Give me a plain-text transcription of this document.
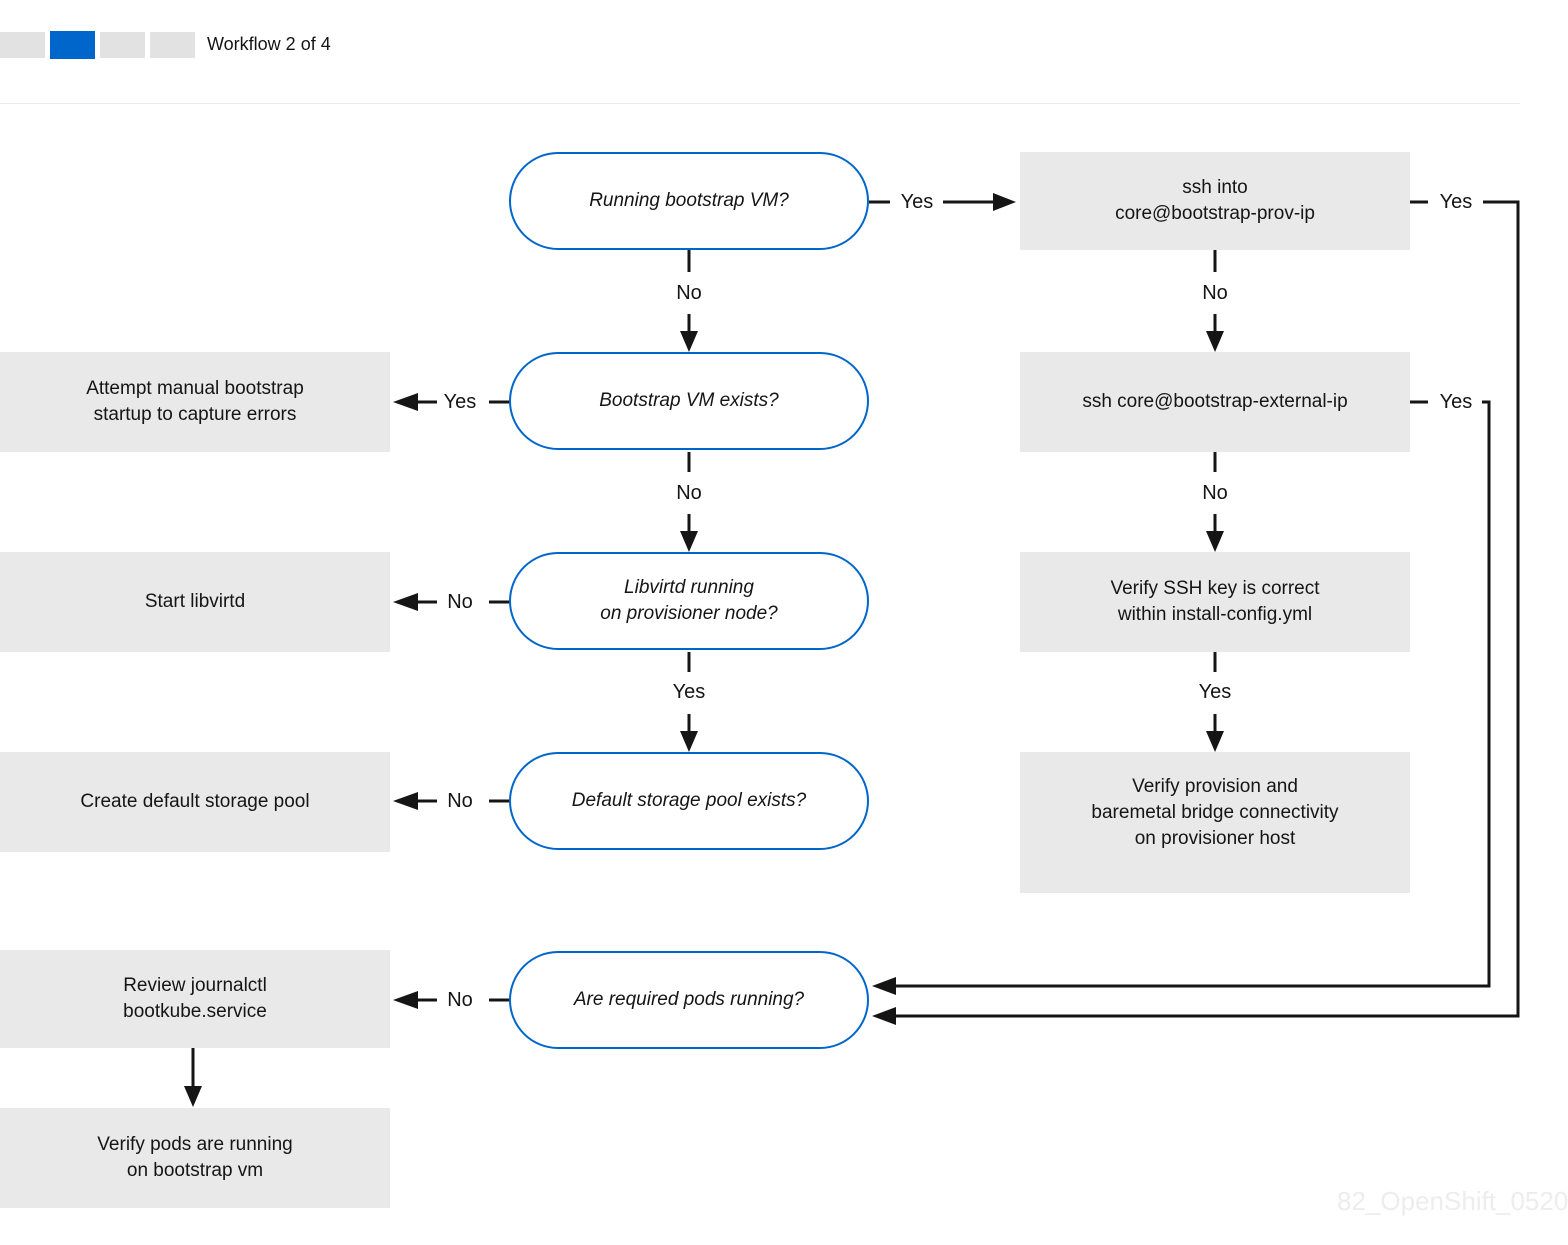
Workflow 2 of 4
Running bootstrap VM?
Bootstrap VM exists?
Libvirtd running
on provisioner node?
Default storage pool exists?
Are required pods running?
Attempt manual bootstrap
startup to capture errors
Start libvirtd
Create default storage pool
Review journalctl
bootkube.service
Verify pods are running
on bootstrap vm
ssh into
core@bootstrap-prov-ip
ssh core@bootstrap-external-ip
Verify SSH key is correct
within install-config.yml
Verify provision and
baremetal bridge connectivity
on provisioner host
No
No
Yes
No
No
Yes
Yes
No
No
No
Yes	Yes
Yes
82_OpenShift_0520
